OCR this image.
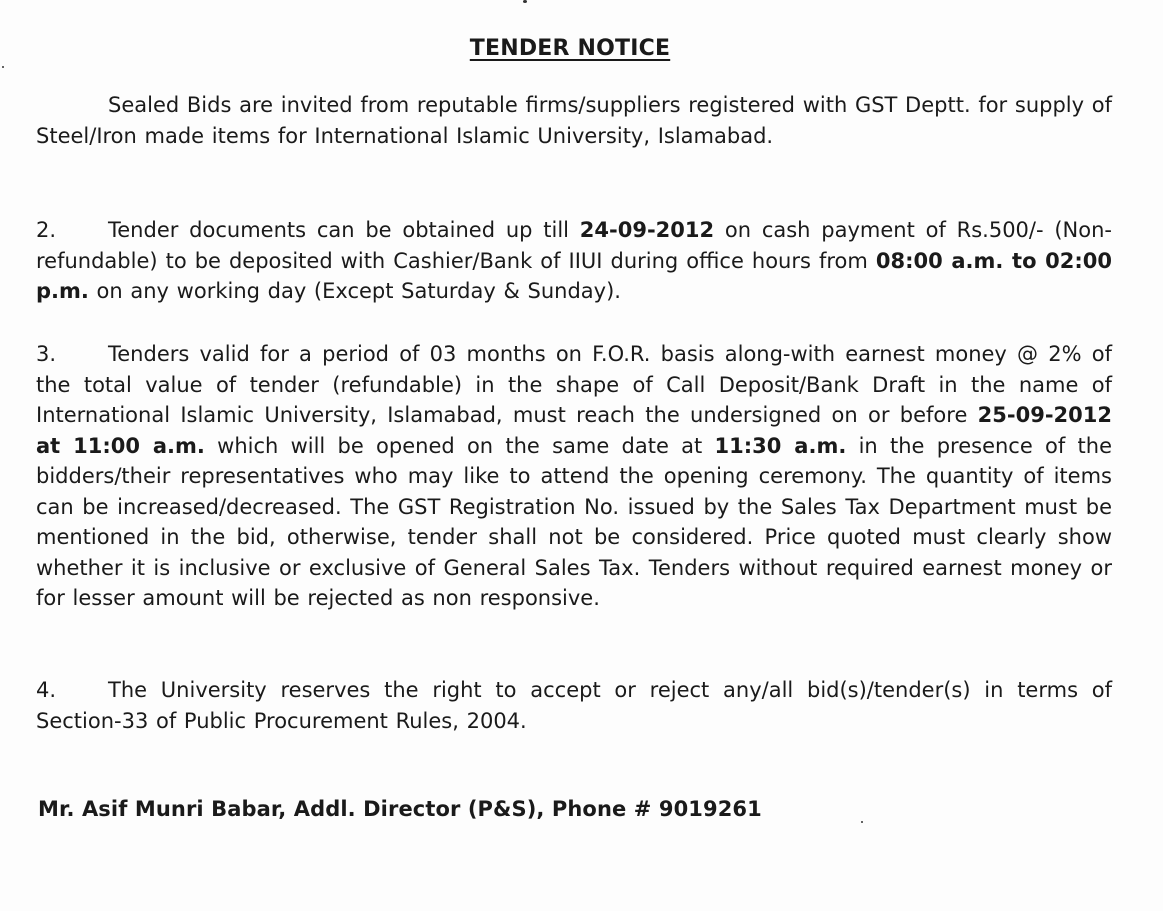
TENDER NOTICE
Sealed Bids are invited from reputable firms/suppliers registered with GST Deptt. for supply of Steel/Iron made items for International Islamic University, Islamabad.
2. Tender documents can be obtained up till 24-09-2012 on cash payment of Rs.500/- (Non-refundable) to be deposited with Cashier/Bank of IIUI during office hours from 08:00 a.m. to 02:00 p.m. on any working day (Except Saturday & Sunday).
3. Tenders valid for a period of 03 months on F.O.R. basis along-with earnest money @ 2% of the total value of tender (refundable) in the shape of Call Deposit/Bank Draft in the name of International Islamic University, Islamabad, must reach the undersigned on or before 25-09-2012 at 11:00 a.m. which will be opened on the same date at 11:30 a.m. in the presence of the bidders/their representatives who may like to attend the opening ceremony. The quantity of items can be increased/decreased. The GST Registration No. issued by the Sales Tax Department must be mentioned in the bid, otherwise, tender shall not be considered. Price quoted must clearly show whether it is inclusive or exclusive of General Sales Tax. Tenders without required earnest money or for lesser amount will be rejected as non responsive.
4. The University reserves the right to accept or reject any/all bid(s)/tender(s) in terms of Section-33 of Public Procurement Rules, 2004.
Mr. Asif Munri Babar, Addl. Director (P&S), Phone # 9019261
